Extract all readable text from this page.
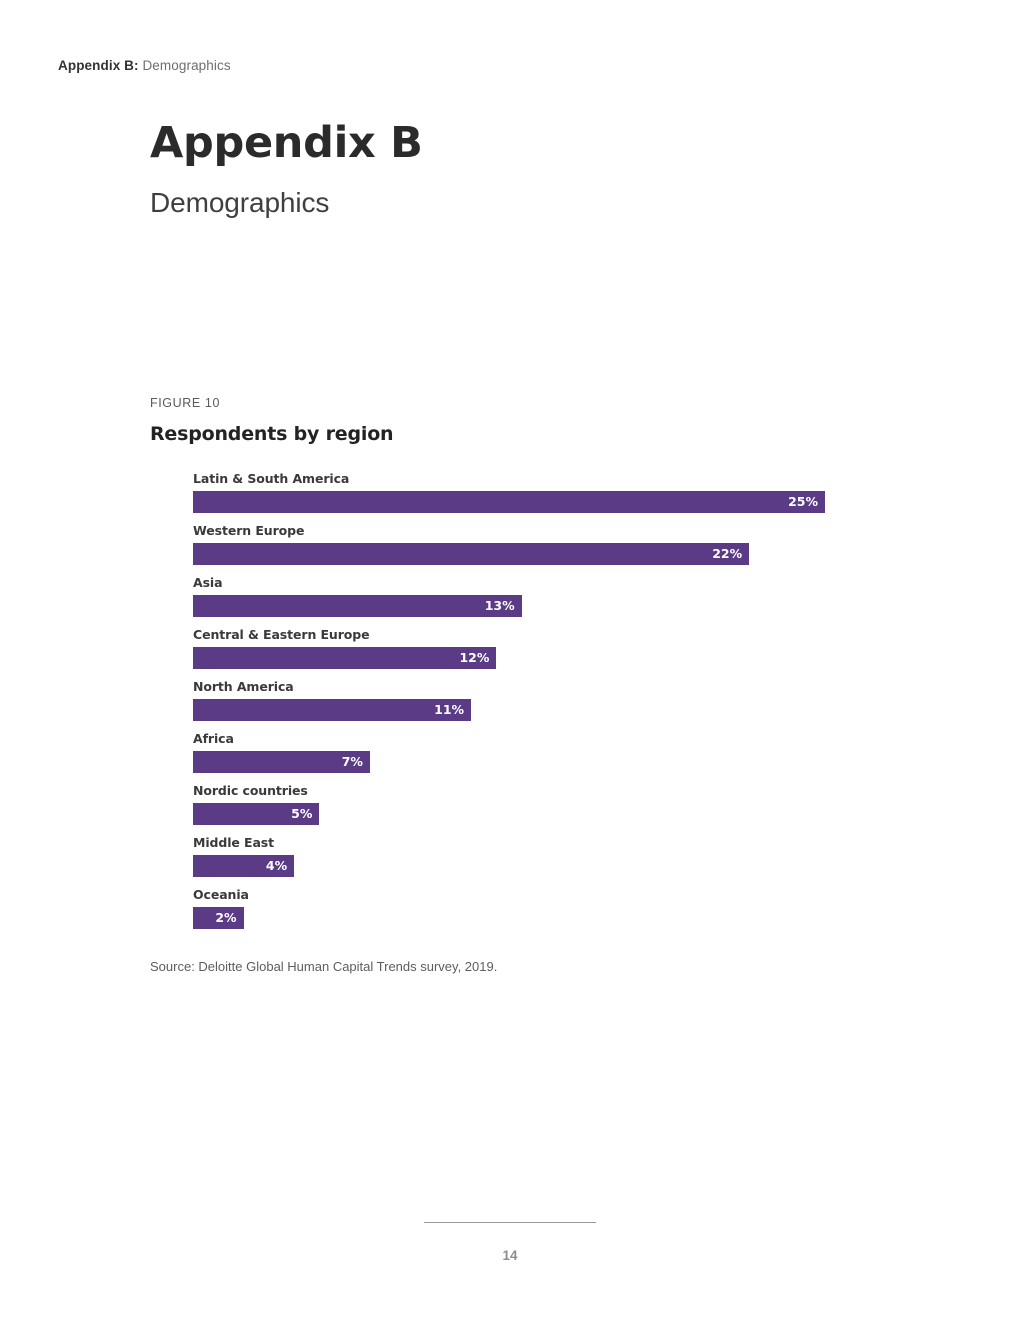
Appendix B: Demographics
Appendix B
Demographics
FIGURE 10
Respondents by region
Latin & South America
25%
Western Europe
22%
Asia
13%
Central & Eastern Europe
12%
North America
11%
Africa
7%
Nordic countries
5%
Middle East
4%
Oceania
2%
Source: Deloitte Global Human Capital Trends survey, 2019.
14
